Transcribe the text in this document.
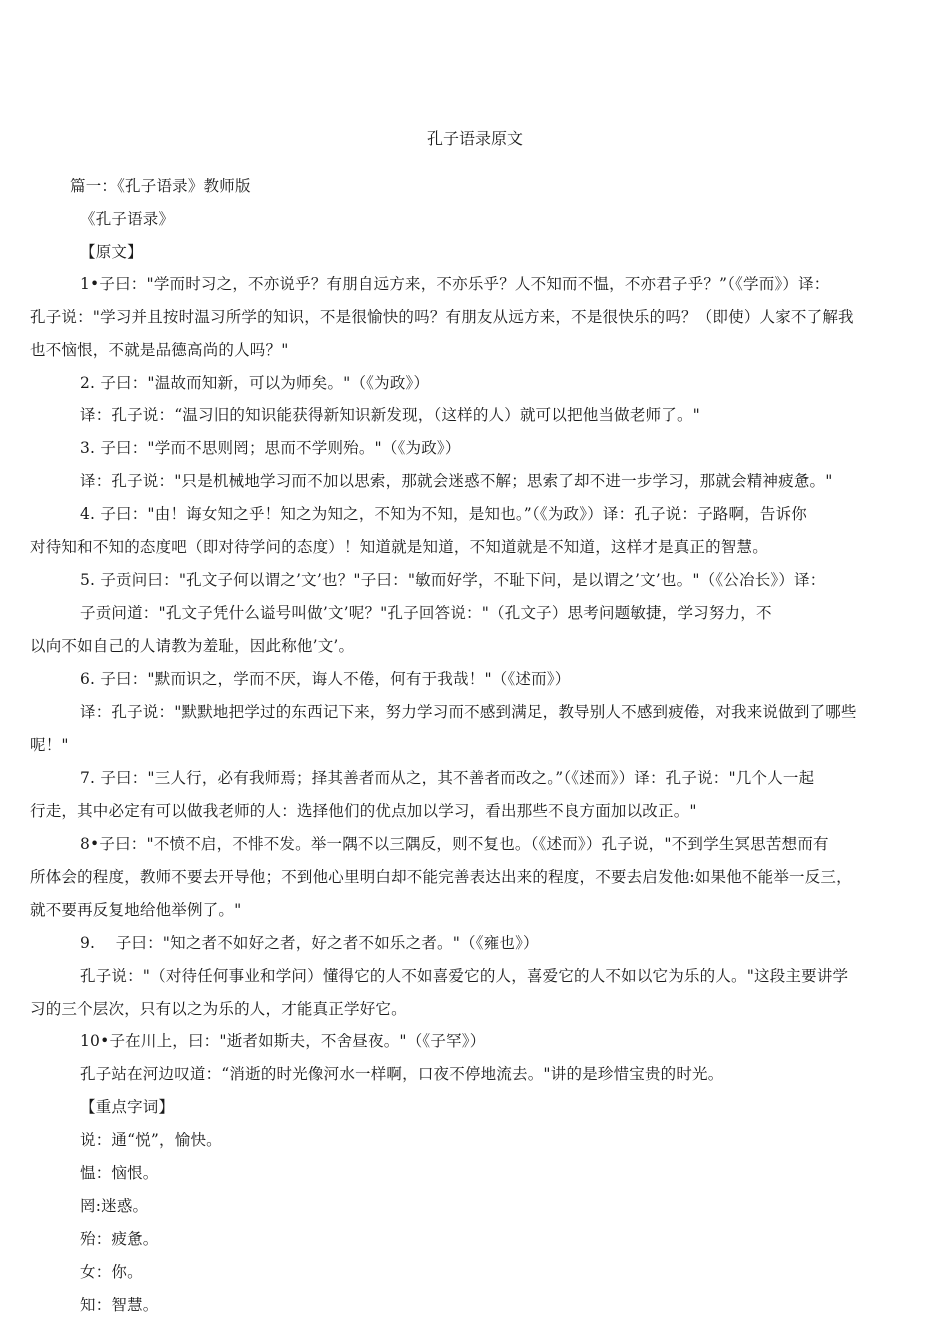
孔子语录原文
篇一：《孔子语录》教师版
《孔子语录》
【原文】
1•子曰："学而时习之，不亦说乎？有朋自远方来，不亦乐乎？人不知而不愠，不亦君子乎？”（《学而》）译：
孔子说："学习并且按时温习所学的知识，不是很愉快的吗？有朋友从远方来，不是很快乐的吗？（即使）人家不了解我
也不恼恨，不就是品德高尚的人吗？"
2. 子曰："温故而知新，可以为师矣。"（《为政》）
译：孔子说：“温习旧的知识能获得新知识新发现，（这样的人）就可以把他当做老师了。"
3. 子曰："学而不思则罔；思而不学则殆。"（《为政》）
译：孔子说："只是机械地学习而不加以思索，那就会迷惑不解；思索了却不进一步学习，那就会精神疲惫。"
4. 子曰："由！诲女知之乎！知之为知之，不知为不知，是知也。”（《为政》）译：孔子说：子路啊，告诉你
对待知和不知的态度吧（即对待学问的态度）！知道就是知道，不知道就是不知道，这样才是真正的智慧。
5. 子贡问曰："孔文子何以谓之’文’也？"子曰："敏而好学，不耻下问，是以谓之’文’也。"（《公冶长》）译：
子贡问道："孔文子凭什么谥号叫做’文’呢？"孔子回答说："（孔文子）思考问题敏捷，学习努力，不
以向不如自己的人请教为羞耻，因此称他’文’。
6. 子曰："默而识之，学而不厌，诲人不倦，何有于我哉！"（《述而》）
译：孔子说："默默地把学过的东西记下来，努力学习而不感到满足，教导别人不感到疲倦，对我来说做到了哪些
呢！"
7. 子曰："三人行，必有我师焉；择其善者而从之，其不善者而改之。”（《述而》）译：孔子说："几个人一起
行走，其中必定有可以做我老师的人：选择他们的优点加以学习，看出那些不良方面加以改正。"
8•子曰："不愤不启，不悱不发。举一隅不以三隅反，则不复也。（《述而》）孔子说，"不到学生冥思苦想而有
所体会的程度，教师不要去开导他；不到他心里明白却不能完善表达出来的程度，不要去启发他:如果他不能举一反三，
就不要再反复地给他举例了。"
9.    子曰："知之者不如好之者，好之者不如乐之者。"（《雍也》）
孔子说："（对待任何事业和学问）懂得它的人不如喜爱它的人，喜爱它的人不如以它为乐的人。"这段主要讲学
习的三个层次，只有以之为乐的人，才能真正学好它。
10•子在川上，曰："逝者如斯夫，不舍昼夜。"（《子罕》）
孔子站在河边叹道：“消逝的时光像河水一样啊，口夜不停地流去。"讲的是珍惜宝贵的时光。
【重点字词】
说：通“悦”，愉快。
愠：恼恨。
罔:迷惑。
殆：疲惫。
女：你。
知：智慧。
